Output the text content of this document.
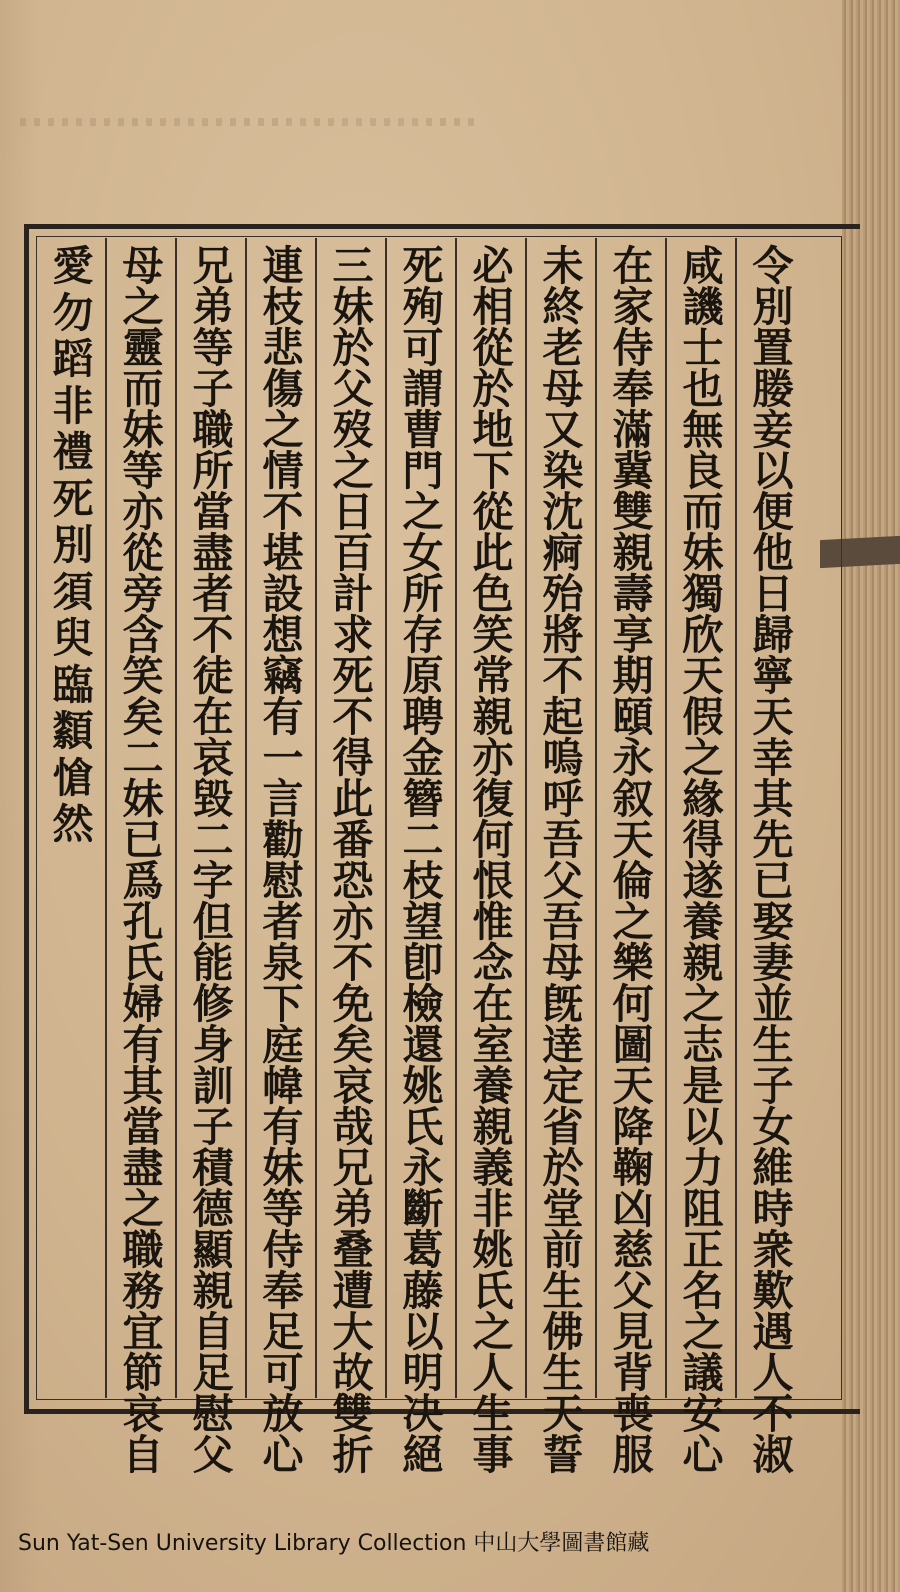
令
別
置
媵
妾
以
便
他
日
歸
寧
天
幸
其
先
已
娶
妻
並
生
子
女
維
時
衆
歎
遇
人
不
淑
咸
譏
士
也
無
良
而
妹
獨
欣
天
假
之
緣
得
遂
養
親
之
志
是
以
力
阻
正
名
之
議
安
心
在
家
侍
奉
滿
冀
雙
親
壽
享
期
頤
永
叙
天
倫
之
樂
何
圖
天
降
鞠
凶
慈
父
見
背
喪
服
未
終
老
母
又
染
沈
痾
殆
將
不
起
嗚
呼
吾
父
吾
母
旣
逹
定
省
於
堂
前
生
佛
生
天
誓
必
相
從
於
地
下
從
此
色
笑
常
親
亦
復
何
恨
惟
念
在
室
養
親
義
非
姚
氏
之
人
生
事
死
殉
可
謂
曹
門
之
女
所
存
原
聘
金
簪
二
枝
望
卽
檢
還
姚
氏
永
斷
葛
藤
以
明
决
絕
三
妹
於
父
歿
之
日
百
計
求
死
不
得
此
番
恐
亦
不
免
矣
哀
哉
兄
弟
叠
遭
大
故
雙
折
連
枝
悲
傷
之
情
不
堪
設
想
竊
有
一
言
勸
慰
者
泉
下
庭
幃
有
妹
等
侍
奉
足
可
放
心
兄
弟
等
子
職
所
當
盡
者
不
徒
在
哀
毀
二
字
但
能
修
身
訓
子
積
德
顯
親
自
足
慰
父
母
之
靈
而
妹
等
亦
從
旁
含
笑
矣
二
妹
已
爲
孔
氏
婦
有
其
當
盡
之
職
務
宜
節
哀
自
愛
勿
蹈
非
禮
死
別
須
臾
臨
纇
愴
然
Sun Yat-Sen University Library Collection 中山大學圖書館藏
